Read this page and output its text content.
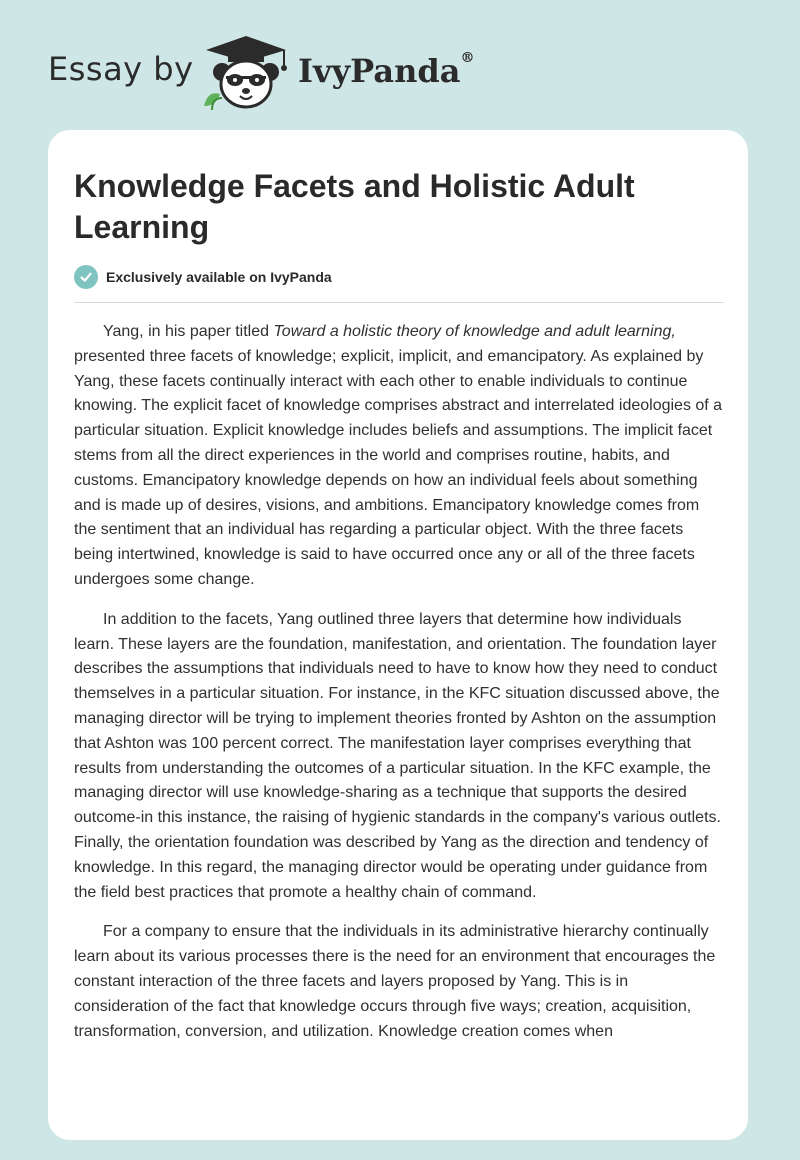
Essay by	IvyPanda®
Knowledge Facets and Holistic Adult Learning
Exclusively available on IvyPanda

Yang, in his paper titled Toward a holistic theory of knowledge and adult learning, presented three facets of knowledge; explicit, implicit, and emancipatory. As explained by Yang, these facets continually interact with each other to enable individuals to continue knowing. The explicit facet of knowledge comprises abstract and interrelated ideologies of a particular situation. Explicit knowledge includes beliefs and assumptions. The implicit facet stems from all the direct experiences in the world and comprises routine, habits, and customs. Emancipatory knowledge depends on how an individual feels about something and is made up of desires, visions, and ambitions. Emancipatory knowledge comes from the sentiment that an individual has regarding a particular object. With the three facets being intertwined, knowledge is said to have occurred once any or all of the three facets undergoes some change.

In addition to the facets, Yang outlined three layers that determine how individuals learn. These layers are the foundation, manifestation, and orientation. The foundation layer describes the assumptions that individuals need to have to know how they need to conduct themselves in a particular situation. For instance, in the KFC situation discussed above, the managing director will be trying to implement theories fronted by Ashton on the assumption that Ashton was 100 percent correct. The manifestation layer comprises everything that results from understanding the outcomes of a particular situation. In the KFC example, the managing director will use knowledge-sharing as a technique that supports the desired outcome-in this instance, the raising of hygienic standards in the company's various outlets. Finally, the orientation foundation was described by Yang as the direction and tendency of knowledge. In this regard, the managing director would be operating under guidance from the field best practices that promote a healthy chain of command.

For a company to ensure that the individuals in its administrative hierarchy continually learn about its various processes there is the need for an environment that encourages the constant interaction of the three facets and layers proposed by Yang. This is in consideration of the fact that knowledge occurs through five ways; creation, acquisition, transformation, conversion, and utilization. Knowledge creation comes when
